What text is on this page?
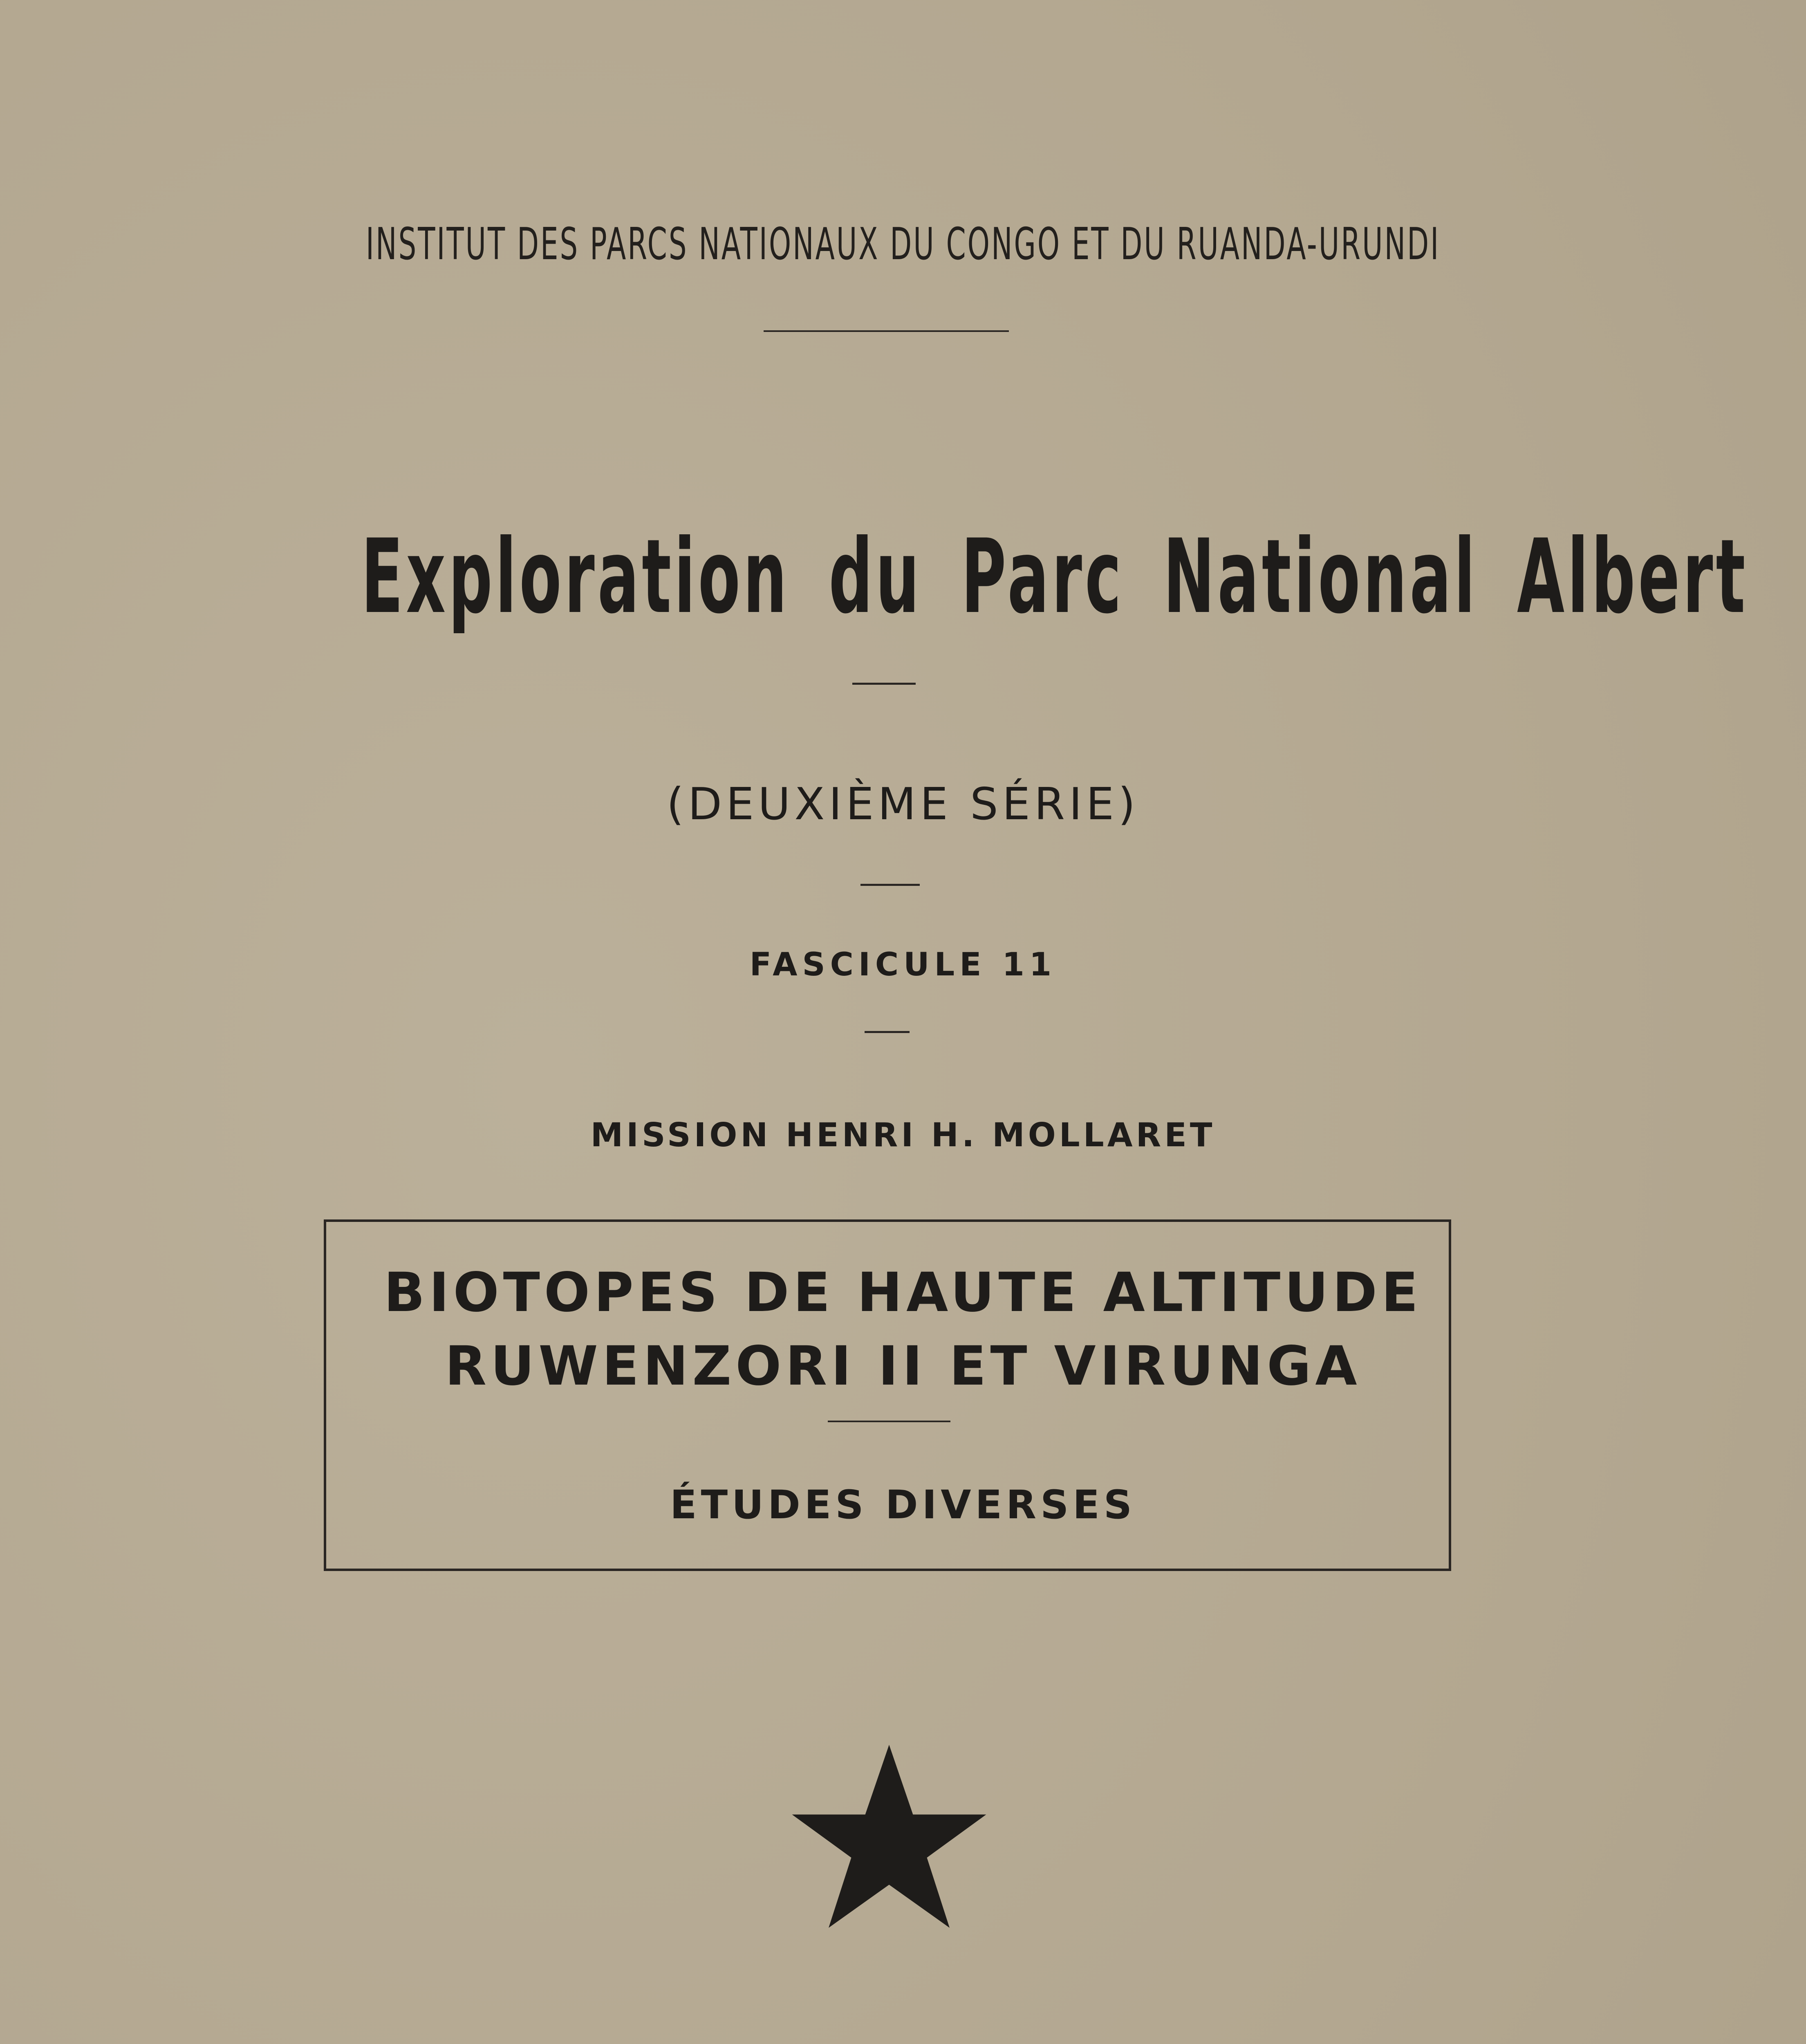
INSTITUT DES PARCS NATIONAUX DU CONGO ET DU RUANDA-URUNDI
Exploration du Parc National Albert
(DEUXIÈME SÉRIE)
FASCICULE 11
MISSION HENRI H. MOLLARET
BIOTOPES DE HAUTE ALTITUDE
RUWENZORI II ET VIRUNGA
ÉTUDES DIVERSES
